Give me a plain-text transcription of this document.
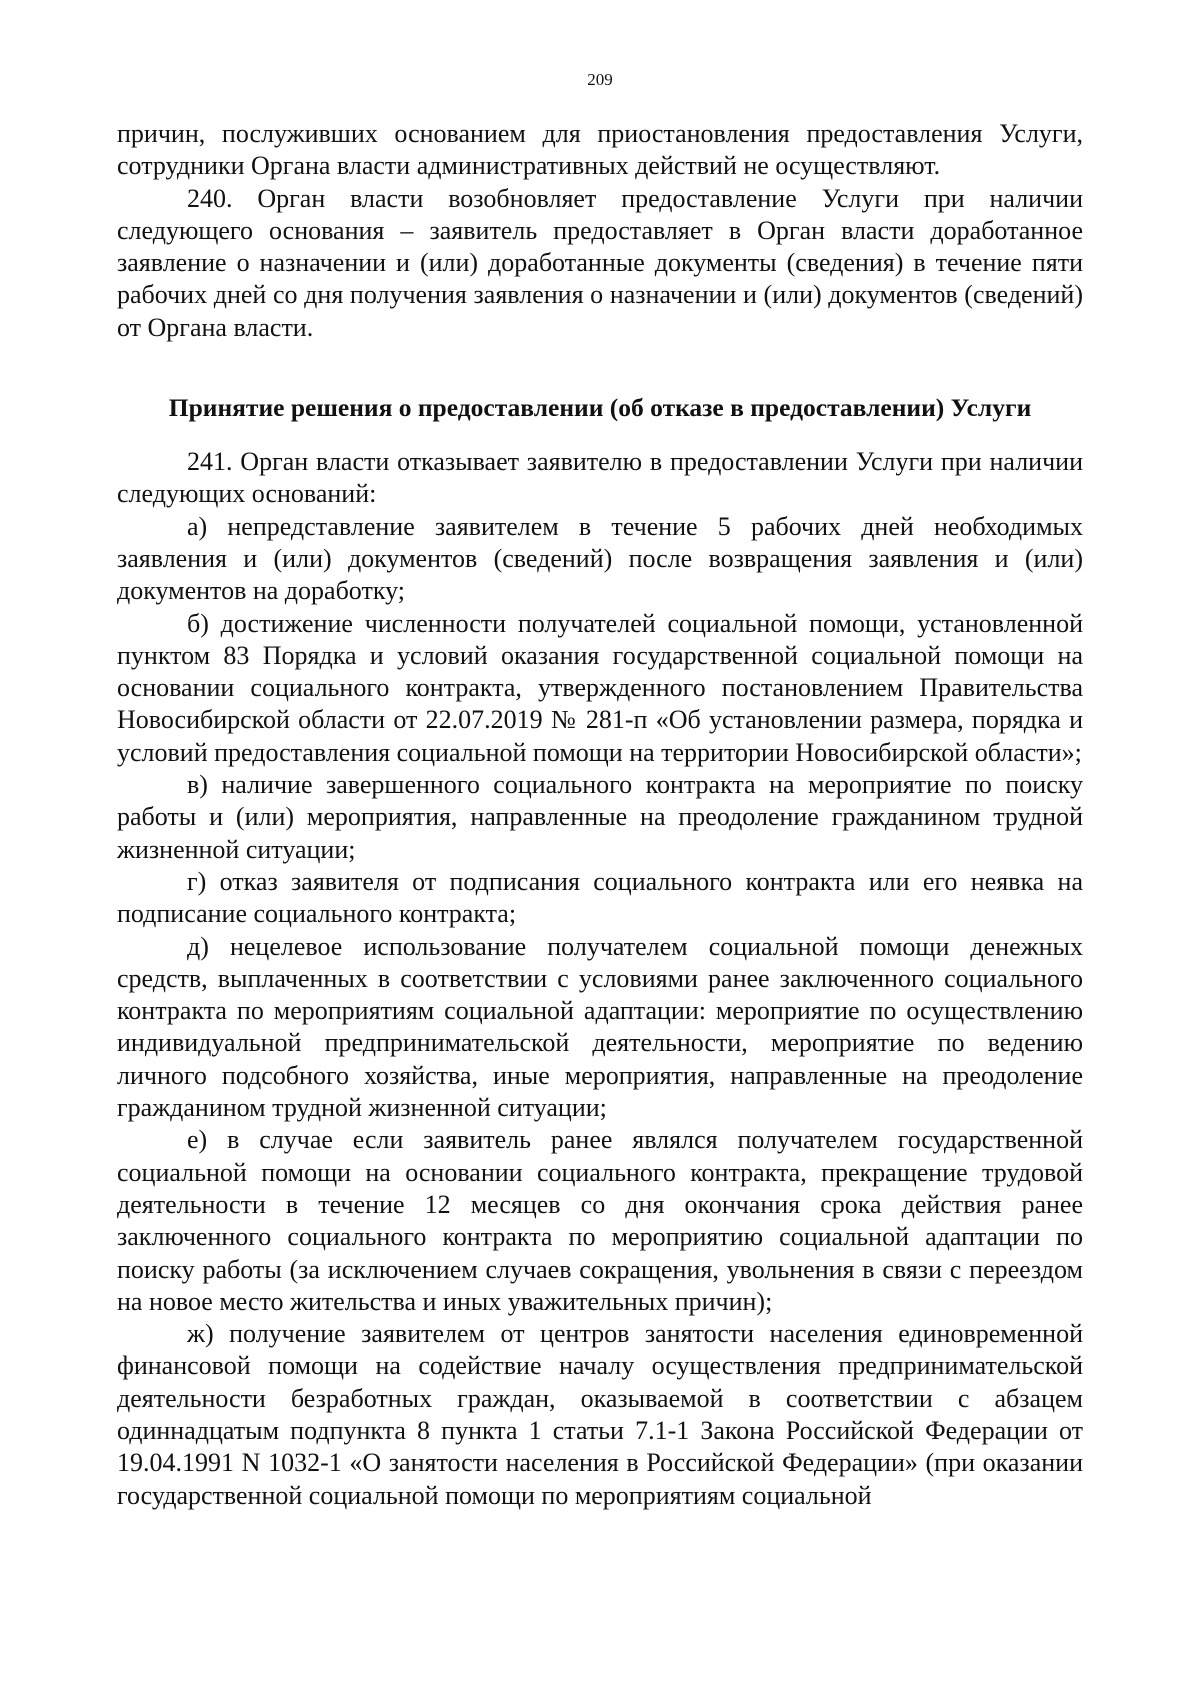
209

причин, послуживших основанием для приостановления предоставления Услуги, сотрудники Органа власти административных действий не осуществляют.

240. Орган власти возобновляет предоставление Услуги при наличии следующего основания – заявитель предоставляет в Орган власти доработанное заявление о назначении и (или) доработанные документы (сведения) в течение пяти рабочих дней со дня получения заявления о назначении и (или) документов (сведений) от Органа власти.

Принятие решения о предоставлении (об отказе в предоставлении) Услуги

241. Орган власти отказывает заявителю в предоставлении Услуги при наличии следующих оснований:

а) непредставление заявителем в течение 5 рабочих дней необходимых заявления и (или) документов (сведений) после возвращения заявления и (или) документов на доработку;

б) достижение численности получателей социальной помощи, установленной пунктом 83 Порядка и условий оказания государственной социальной помощи на основании социального контракта, утвержденного постановлением Правительства Новосибирской области от 22.07.2019 № 281-п «Об установлении размера, порядка и условий предоставления социальной помощи на территории Новосибирской области»;

в) наличие завершенного социального контракта на мероприятие по поиску работы и (или) мероприятия, направленные на преодоление гражданином трудной жизненной ситуации;

г) отказ заявителя от подписания социального контракта или его неявка на подписание социального контракта;

д) нецелевое использование получателем социальной помощи денежных средств, выплаченных в соответствии с условиями ранее заключенного социального контракта по мероприятиям социальной адаптации: мероприятие по осуществлению индивидуальной предпринимательской деятельности, мероприятие по ведению личного подсобного хозяйства, иные мероприятия, направленные на преодоление гражданином трудной жизненной ситуации;

е) в случае если заявитель ранее являлся получателем государственной социальной помощи на основании социального контракта, прекращение трудовой деятельности в течение 12 месяцев со дня окончания срока действия ранее заключенного социального контракта по мероприятию социальной адаптации по поиску работы (за исключением случаев сокращения, увольнения в связи с переездом на новое место жительства и иных уважительных причин);

ж) получение заявителем от центров занятости населения единовременной финансовой помощи на содействие началу осуществления предпринимательской деятельности безработных граждан, оказываемой в соответствии с абзацем одиннадцатым подпункта 8 пункта 1 статьи 7.1-1 Закона Российской Федерации от 19.04.1991 N 1032-1 «О занятости населения в Российской Федерации» (при оказании государственной социальной помощи по мероприятиям социальной
